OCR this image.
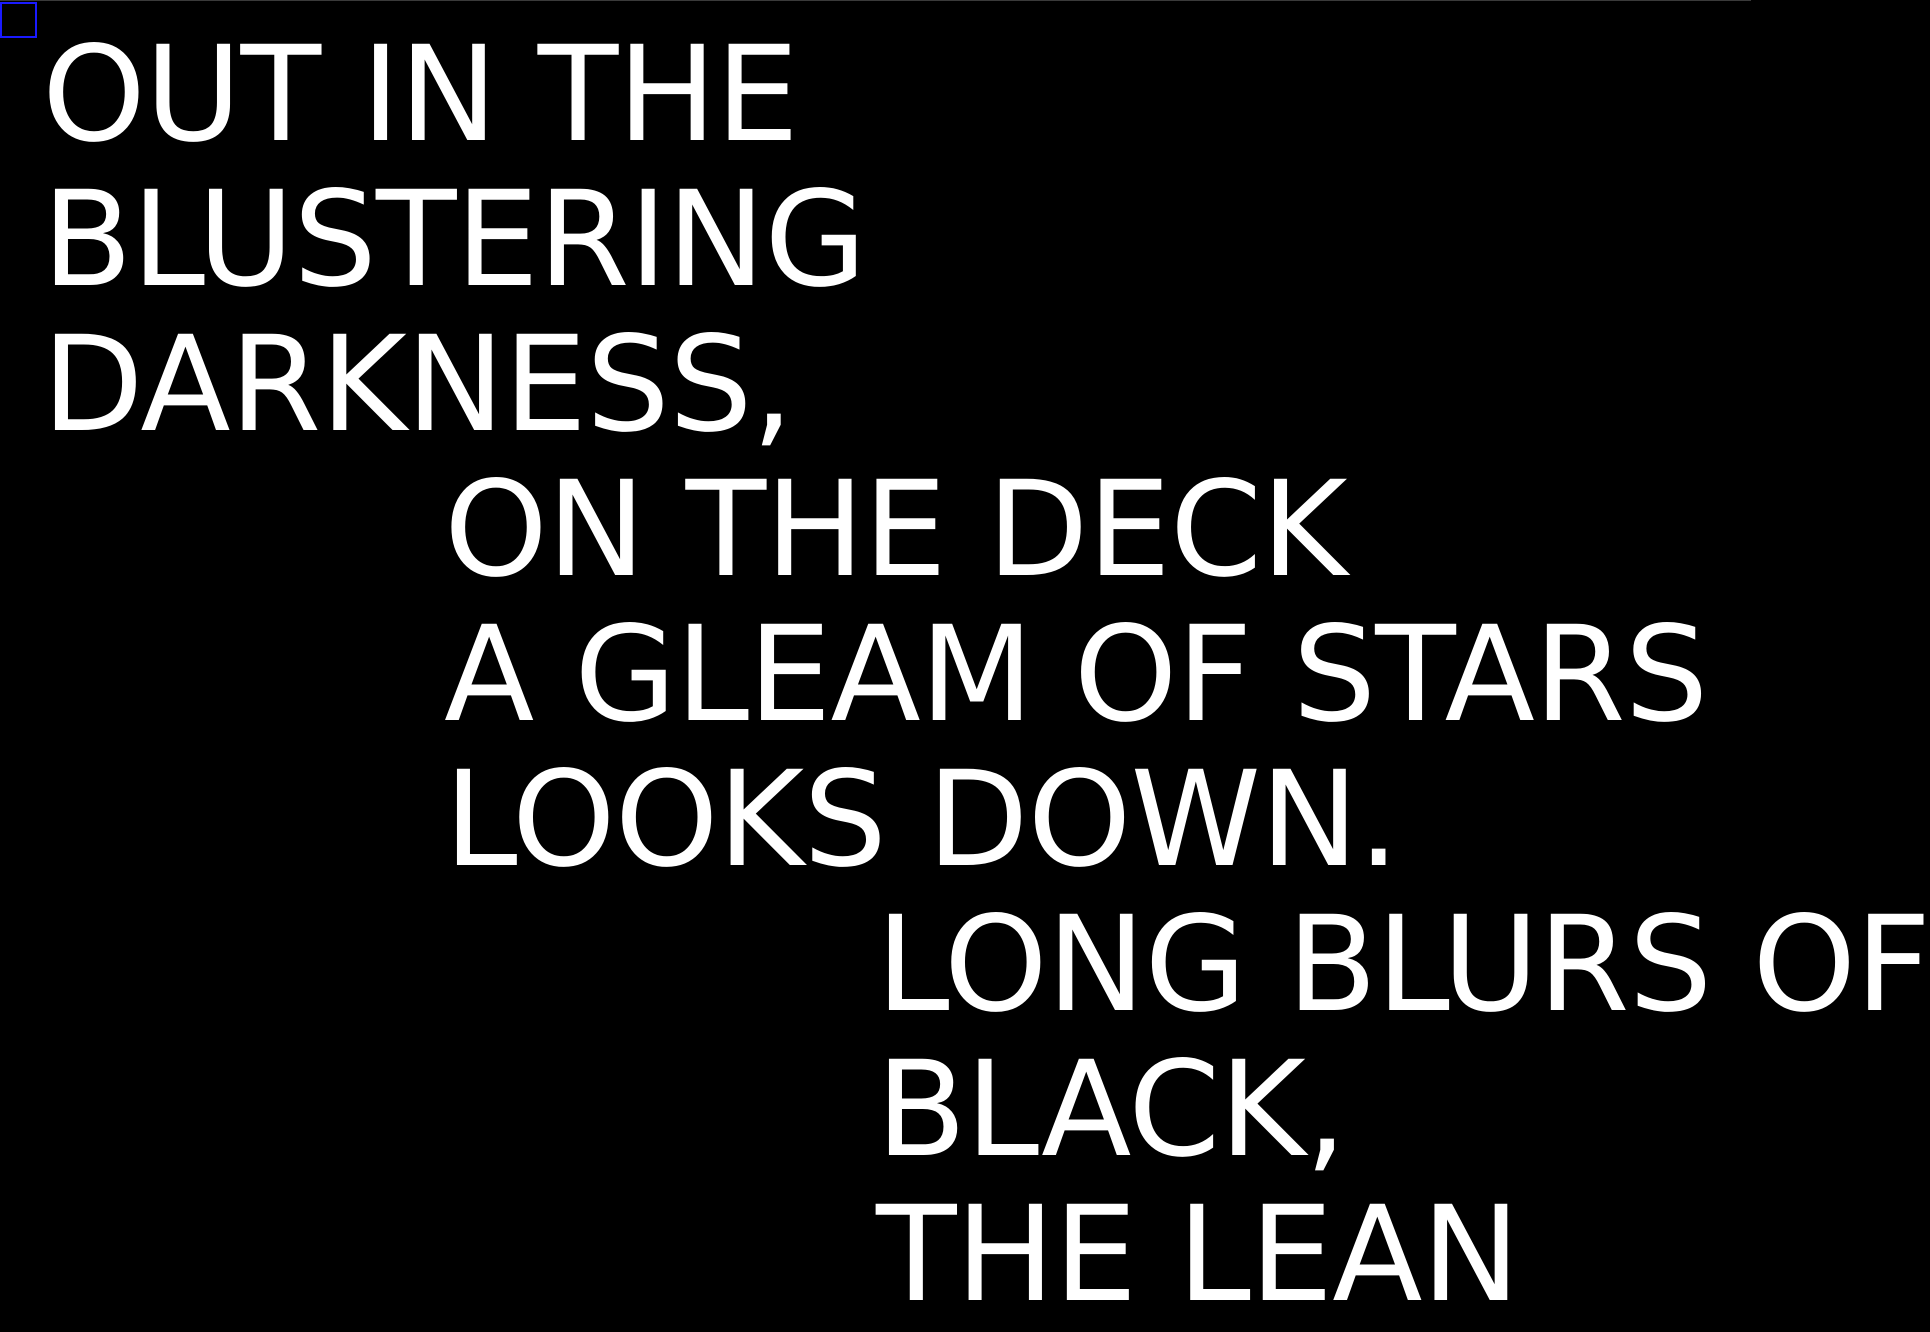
OUT IN THE

BLUSTERING

DARKNESS,

ON THE DECK

A GLEAM OF STARS

LOOKS DOWN.

LONG BLURS OF

BLACK,

THE LEAN
